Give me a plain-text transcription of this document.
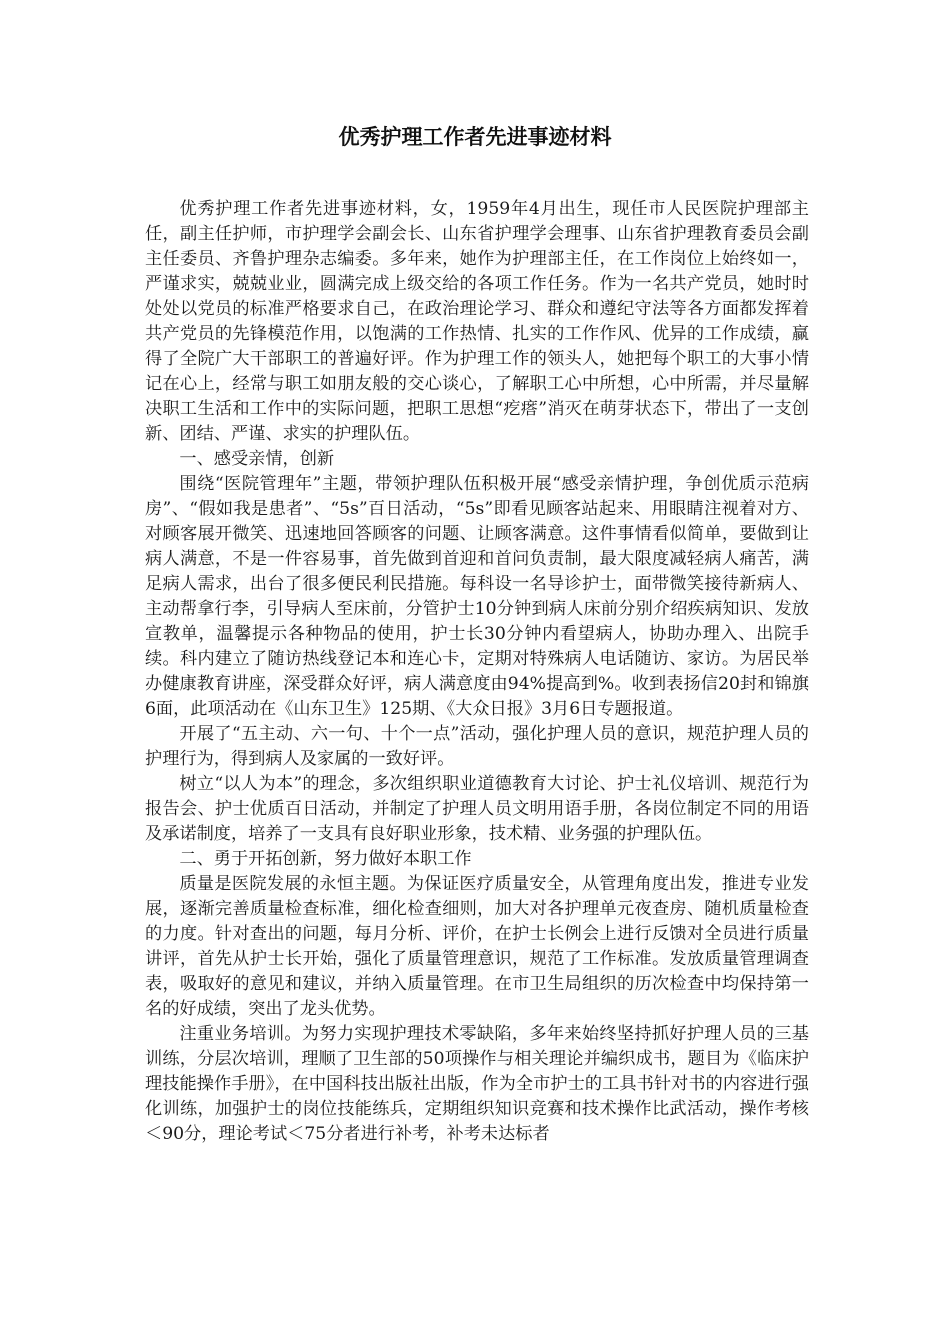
优秀护理工作者先进事迹材料

优秀护理工作者先进事迹材料，女，1959年4月出生，现任市人民医院护理部主任，副主任护师，市护理学会副会长、山东省护理学会理事、山东省护理教育委员会副主任委员、齐鲁护理杂志编委。多年来，她作为护理部主任，在工作岗位上始终如一，严谨求实，兢兢业业，圆满完成上级交给的各项工作任务。作为一名共产党员，她时时处处以党员的标准严格要求自己，在政治理论学习、群众和遵纪守法等各方面都发挥着共产党员的先锋模范作用，以饱满的工作热情、扎实的工作作风、优异的工作成绩，赢得了全院广大干部职工的普遍好评。作为护理工作的领头人，她把每个职工的大事小情记在心上，经常与职工如朋友般的交心谈心，了解职工心中所想，心中所需，并尽量解决职工生活和工作中的实际问题，把职工思想“疙瘩”消灭在萌芽状态下，带出了一支创新、团结、严谨、求实的护理队伍。

一、感受亲情，创新

围绕“医院管理年”主题，带领护理队伍积极开展“感受亲情护理，争创优质示范病房”、“假如我是患者”、“5s”百日活动，“5s”即看见顾客站起来、用眼睛注视着对方、对顾客展开微笑、迅速地回答顾客的问题、让顾客满意。这件事情看似简单，要做到让病人满意，不是一件容易事，首先做到首迎和首问负责制，最大限度减轻病人痛苦，满足病人需求，出台了很多便民利民措施。每科设一名导诊护士，面带微笑接待新病人、主动帮拿行李，引导病人至床前，分管护士10分钟到病人床前分别介绍疾病知识、发放宣教单，温馨提示各种物品的使用，护士长30分钟内看望病人，协助办理入、出院手续。科内建立了随访热线登记本和连心卡，定期对特殊病人电话随访、家访。为居民举办健康教育讲座，深受群众好评，病人满意度由94%提高到%。收到表扬信20封和锦旗6面，此项活动在《山东卫生》125期、《大众日报》3月6日专题报道。

开展了“五主动、六一句、十个一点”活动，强化护理人员的意识，规范护理人员的护理行为，得到病人及家属的一致好评。

树立“以人为本”的理念，多次组织职业道德教育大讨论、护士礼仪培训、规范行为报告会、护士优质百日活动，并制定了护理人员文明用语手册，各岗位制定不同的用语及承诺制度，培养了一支具有良好职业形象，技术精、业务强的护理队伍。

二、勇于开拓创新，努力做好本职工作

质量是医院发展的永恒主题。为保证医疗质量安全，从管理角度出发，推进专业发展，逐渐完善质量检查标准，细化检查细则，加大对各护理单元夜查房、随机质量检查的力度。针对查出的问题，每月分析、评价，在护士长例会上进行反馈对全员进行质量讲评，首先从护士长开始，强化了质量管理意识，规范了工作标准。发放质量管理调查表，吸取好的意见和建议，并纳入质量管理。在市卫生局组织的历次检查中均保持第一名的好成绩，突出了龙头优势。

注重业务培训。为努力实现护理技术零缺陷，多年来始终坚持抓好护理人员的三基训练，分层次培训，理顺了卫生部的50项操作与相关理论并编织成书，题目为《临床护理技能操作手册》，在中国科技出版社出版，作为全市护士的工具书针对书的内容进行强化训练，加强护士的岗位技能练兵，定期组织知识竞赛和技术操作比武活动，操作考核＜90分，理论考试＜75分者进行补考，补考未达标者
